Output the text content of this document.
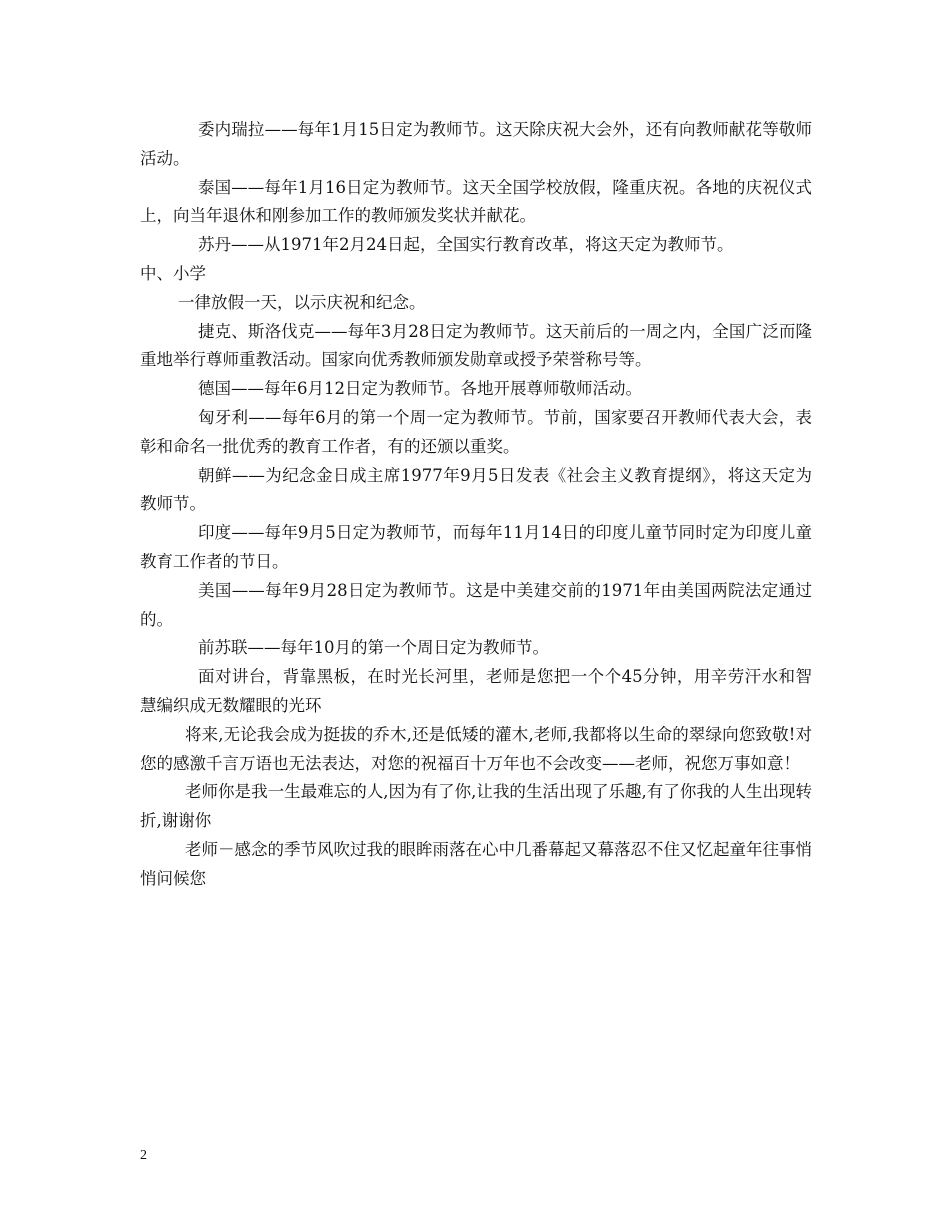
委内瑞拉——每年1月15日定为教师节。这天除庆祝大会外，还有向教师献花等敬师活动。

泰国——每年1月16日定为教师节。这天全国学校放假，隆重庆祝。各地的庆祝仪式上，向当年退休和刚参加工作的教师颁发奖状并献花。

苏丹——从1971年2月24日起，全国实行教育改革，将这天定为教师节。

中、小学

一律放假一天，以示庆祝和纪念。

捷克、斯洛伐克——每年3月28日定为教师节。这天前后的一周之内，全国广泛而隆重地举行尊师重教活动。国家向优秀教师颁发勋章或授予荣誉称号等。

德国——每年6月12日定为教师节。各地开展尊师敬师活动。

匈牙利——每年6月的第一个周一定为教师节。节前，国家要召开教师代表大会，表彰和命名一批优秀的教育工作者，有的还颁以重奖。

朝鲜——为纪念金日成主席1977年9月5日发表《社会主义教育提纲》，将这天定为教师节。

印度——每年9月5日定为教师节，而每年11月14日的印度儿童节同时定为印度儿童教育工作者的节日。

美国——每年9月28日定为教师节。这是中美建交前的1971年由美国两院法定通过的。

前苏联——每年10月的第一个周日定为教师节。

面对讲台，背靠黑板，在时光长河里，老师是您把一个个45分钟，用辛劳汗水和智慧编织成无数耀眼的光环

将来,无论我会成为挺拔的乔木,还是低矮的灌木,老师,我都将以生命的翠绿向您致敬!对您的感激千言万语也无法表达，对您的祝福百十万年也不会改变——老师，祝您万事如意！

老师你是我一生最难忘的人,因为有了你,让我的生活出现了乐趣,有了你我的人生出现转折,谢谢你

老师－感念的季节风吹过我的眼眸雨落在心中几番幕起又幕落忍不住又忆起童年往事悄悄问候您

2
